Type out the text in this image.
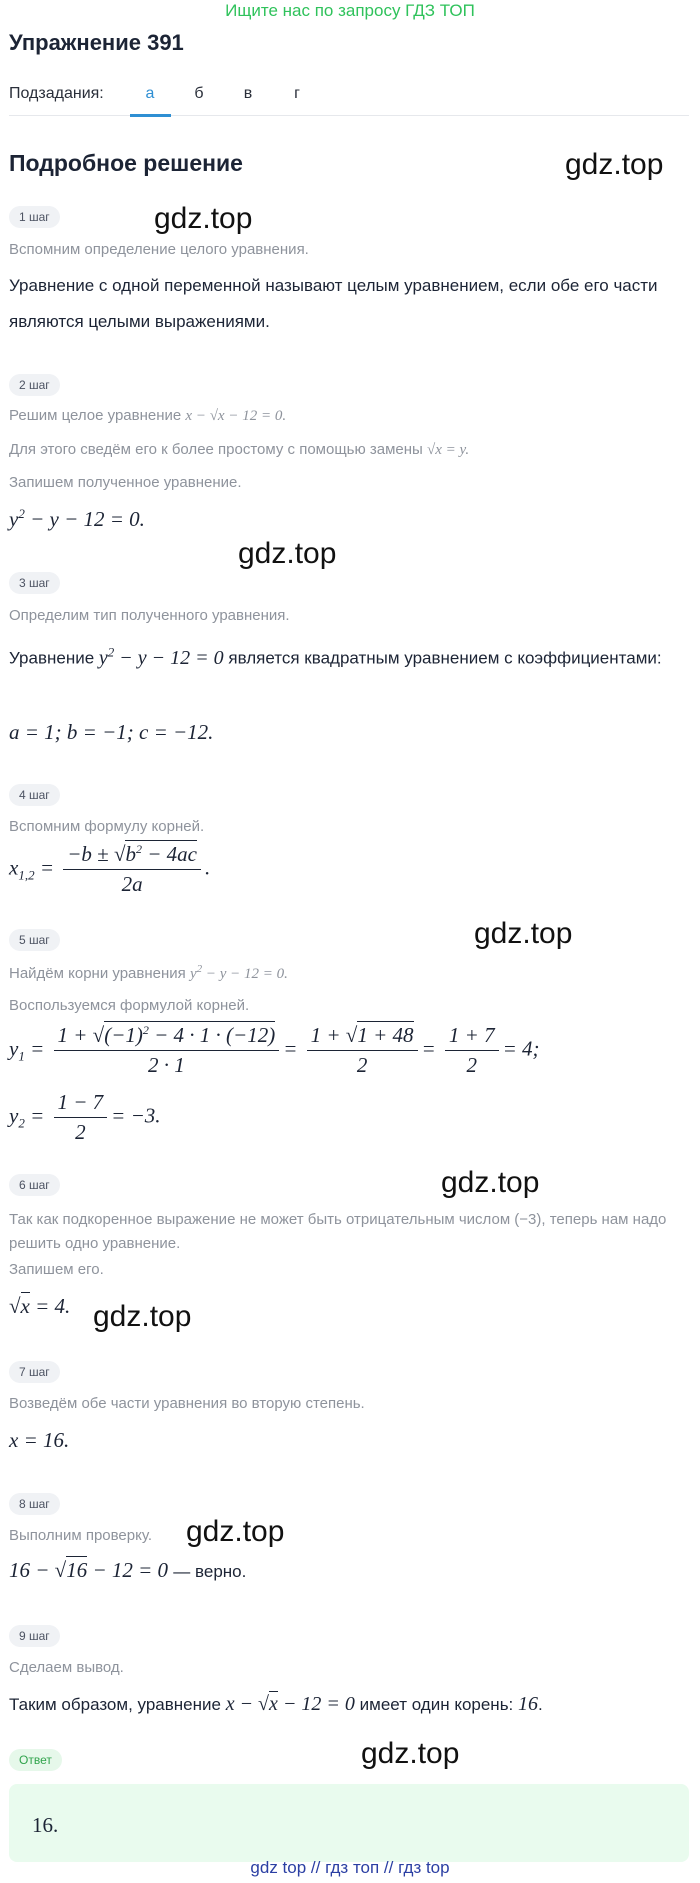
Ищите нас по запросу ГДЗ ТОП
Упражнение 391
Подзадания:	а	б	в	г
Подробное решение	gdz.top
gdz.top
gdz.top
gdz.top
gdz.top
gdz.top
gdz.top
gdz.top
1 шаг
Вспомним определение целого уравнения.
Уравнение с одной переменной называют целым уравнением, если обе его части являются целыми выражениями.
2 шаг
Решим целое уравнение x − √x − 12 = 0.
Для этого сведём его к более простому с помощью замены √x = y.
Запишем полученное уравнение.
$y^2 - y - 12 = 0$.
3 шаг
Определим тип полученного уравнения.
Уравнение $y^2 - y - 12 = 0$ является квадратным уравнением с коэффициентами:
a = 1; b = −1; c = −12.
4 шаг
Вспомним формулу корней.
$x_{1,2} = \frac{-b \pm √b^2 - 4ac}{2a}$ .
5 шаг
Найдём корни уравнения $y^2 - y - 12 = 0$.
Воспользуемся формулой корней.
$y_1 = \frac{1 + √(-1)^2 - 4 \cdot 1 \cdot (-12)}{2 \cdot 1} = \frac{1 + √1 + 48}{2} = \frac{1 + 7}{2} = 4$;
$y_2 = \frac{1 - 7}{2} = -3$.
6 шаг
Так как подкоренное выражение не может быть отрицательным числом (−3), теперь нам надо решить одно уравнение.
Запишем его.
√x = 4.
7 шаг
Возведём обе части уравнения во вторую степень.
x = 16.
8 шаг
Выполним проверку.
16 − √16 − 12 = 0 — верно.
9 шаг
Сделаем вывод.
Таким образом, уравнение x − √x − 12 = 0 имеет один корень: 16.
Ответ
16.
gdz top // гдз топ // гдз top
